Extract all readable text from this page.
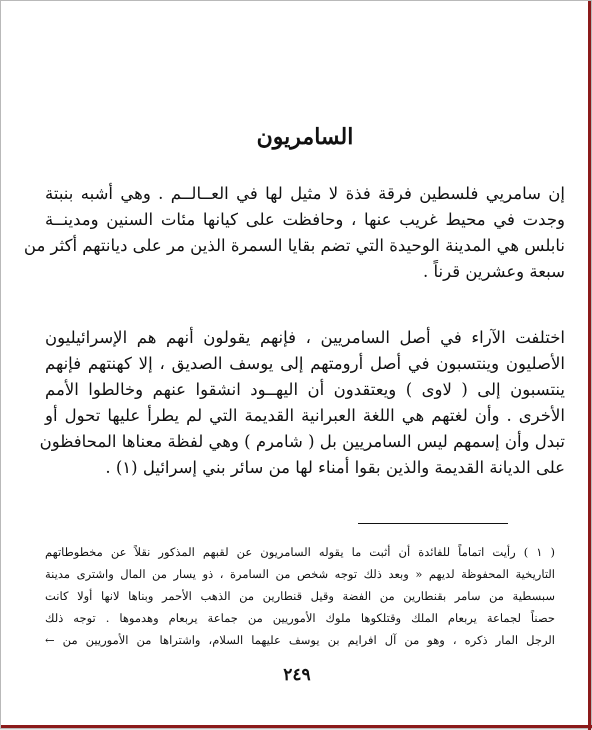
السامريون
إن سامريي فلسطين فرقة فذة لا مثيل لها في العــالــم . وهي أشبه بنبتة
وجدت في محيط غريب عنها ، وحافظت على كيانها مئات السنين ومدينــة
نابلس هي المدينة الوحيدة التي تضم بقايا السمرة الذين مر على ديانتهم أكثر من
سبعة وعشرين قرناً .
اختلفت الآراء في أصل السامريين ، فإنهم يقولون أنهم هم الإسرائيليون
الأصليون وينتسبون في أصل أرومتهم إلى يوسف الصديق ، إلا كهنتهم فإنهم
ينتسبون إلى ( لاوى ) ويعتقدون أن اليهــود انشقوا عنهم وخالطوا الأمم
الأخرى . وأن لغتهم هي اللغة العبرانية القديمة التي لم يطرأ عليها تحول أو
تبدل وأن إسمهم ليس السامريين بل ( شامرم ) وهي لفظة معناها المحافظون
على الديانة القديمة والذين بقوا أمناء لها من سائر بني إسرائيل (١) .
( ١ ) رأيت اتماماً للفائدة أن أثبت ما يقوله السامريون عن لقبهم المذكور نقلاً عن مخطوطاتهم
التاريخية المحفوظة لديهم « وبعد ذلك توجه شخص من السامرة ، ذو يسار من المال واشترى مدينة
سبسطية من سامر بقنطارين من الفضة وقيل قنطارين من الذهب الأحمر وبناها لانها أولا كانت
حصناً لجماعة يربعام الملك وقتلكوها ملوك الأموريين من جماعة يربعام وهدموها . توجه ذلك
الرجل المار ذكره ، وهو من آل افرايم بن يوسف عليهما السلام، واشتراها من الأموريين من ←
٢٤٩
